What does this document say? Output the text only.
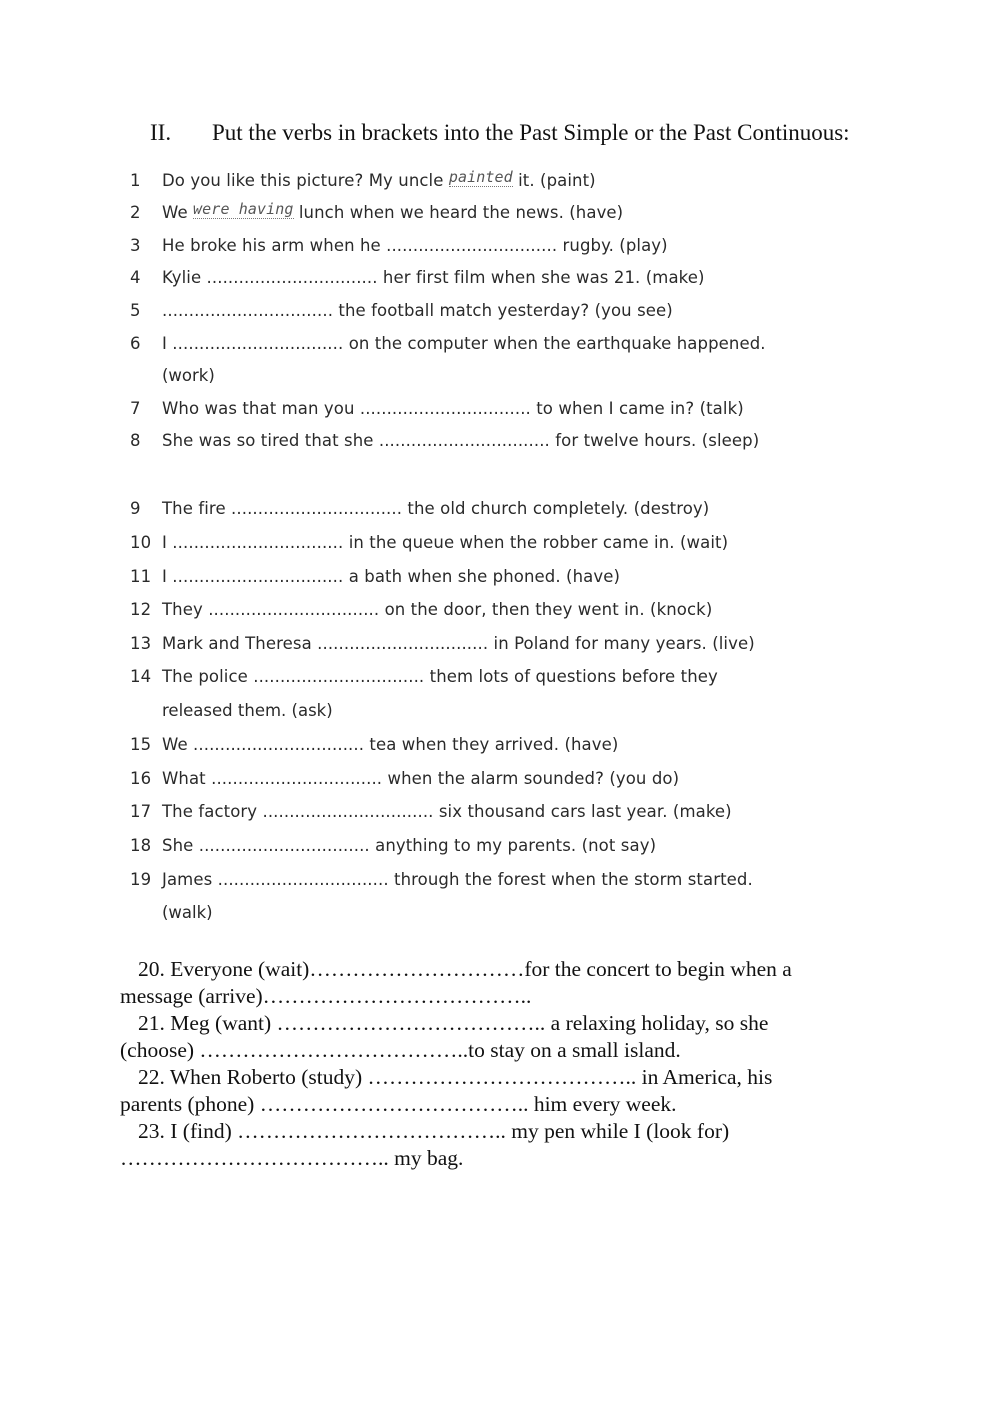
II. Put the verbs in brackets into the Past Simple or the Past Continuous:
1 Do you like this picture? My uncle painted it. (paint)
2 We were having lunch when we heard the news. (have)
3 He broke his arm when he ................................ rugby. (play)
4 Kylie ................................ her first film when she was 21. (make)
5 ................................ the football match yesterday? (you see)
6 I ................................ on the computer when the earthquake happened.
(work)
7 Who was that man you ................................ to when I came in? (talk)
8 She was so tired that she ................................ for twelve hours. (sleep)
9 The fire ................................ the old church completely. (destroy)
10 I ................................ in the queue when the robber came in. (wait)
11 I ................................ a bath when she phoned. (have)
12 They ................................ on the door, then they went in. (knock)
13 Mark and Theresa ................................ in Poland for many years. (live)
14 The police ................................ them lots of questions before they
released them. (ask)
15 We ................................ tea when they arrived. (have)
16 What ................................ when the alarm sounded? (you do)
17 The factory ................................ six thousand cars last year. (make)
18 She ................................ anything to my parents. (not say)
19 James ................................ through the forest when the storm started.
(walk)
20. Everyone (wait)…………………………for the concert to begin when a
message (arrive)………………………………..
21. Meg (want) ……………………………….. a relaxing holiday, so she
(choose) ………………………………..to stay on a small island.
22. When Roberto (study) ……………………………….. in America, his
parents (phone) ……………………………….. him every week.
23. I (find) ……………………………….. my pen while I (look for)
……………………………….. my bag.
